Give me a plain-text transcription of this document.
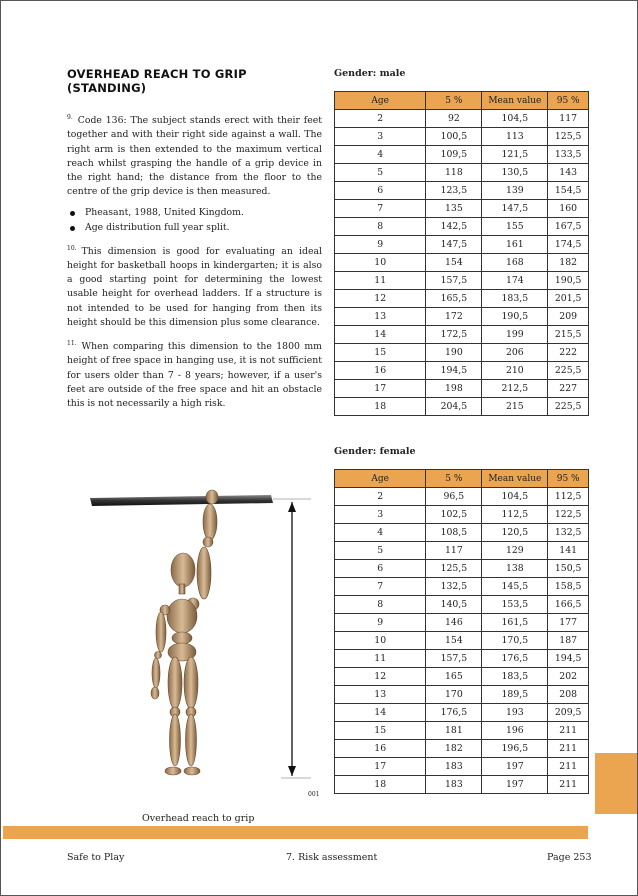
OVERHEAD REACH TO GRIP
(STANDING)

$^{9.}$ Code 136: The subject stands erect with their feet together and with their right side against a wall. The right arm is then extended to the maximum vertical reach whilst grasping the handle of a grip device in the right hand; the distance from the floor to the centre of the grip device is then measured.

Pheasant, 1988, United Kingdom.

Age distribution full year split.

$^{10.}$ This dimension is good for evaluating an ideal height for basketball hoops in kindergarten; it is also a good starting point for determining the lowest usable height for overhead ladders. If a structure is not intended to be used for hanging from then its height should be this dimension plus some clearance.

$^{11.}$ When comparing this dimension to the 1800 mm height of free space in hanging use, it is not sufficient for users older than 7 - 8 years; however, if a user's feet are outside of the free space and hit an obstacle this is not necessarily a high risk.

Gender: male
Age	5 %	Mean value	95 %
2	92	104,5	117
3	100,5	113	125,5
4	109,5	121,5	133,5
5	118	130,5	143
6	123,5	139	154,5
7	135	147,5	160
8	142,5	155	167,5
9	147,5	161	174,5
10	154	168	182
11	157,5	174	190,5
12	165,5	183,5	201,5
13	172	190,5	209
14	172,5	199	215,5
15	190	206	222
16	194,5	210	225,5
17	198	212,5	227
18	204,5	215	225,5
Gender: female
Age	5 %	Mean value	95 %
2	96,5	104,5	112,5
3	102,5	112,5	122,5
4	108,5	120,5	132,5
5	117	129	141
6	125,5	138	150,5
7	132,5	145,5	158,5
8	140,5	153,5	166,5
9	146	161,5	177
10	154	170,5	187
11	157,5	176,5	194,5
12	165	183,5	202
13	170	189,5	208
14	176,5	193	209,5
15	181	196	211
16	182	196,5	211
17	183	197	211
18	183	197	211
001
Overhead reach to grip
Safe to Play	7. Risk assessment	Page 253
